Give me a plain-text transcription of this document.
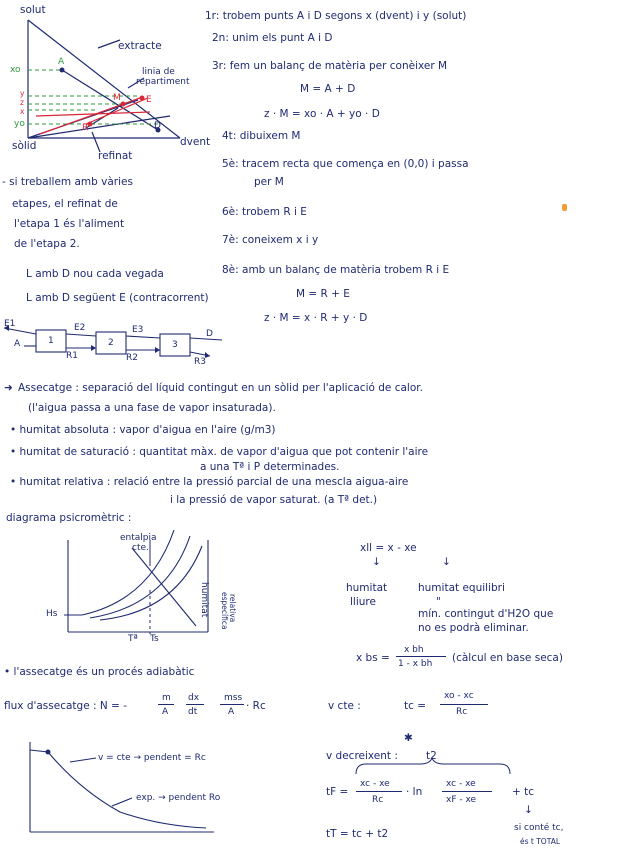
solut
extracte
linia de
repartiment
xo
A
y
z
x
yo
M	E
R	D
sòlid	dvent
refinat
1r: trobem punts A i D segons x (dvent) i y (solut)
2n: unim els punt A i D
3r: fem un balanç de matèria per conèixer M
M = A + D
z · M = xo · A + yo · D
4t: dibuixem M
5è: tracem recta que comença en (0,0) i passa
per M
6è: trobem R i E
7è: coneixem x i y
8è: amb un balanç de matèria trobem R i E
M = R + E
z · M = x · R + y · D
- si treballem amb vàries
etapes, el refinat de
l'etapa 1 és l'aliment
de l'etapa 2.
L amb D nou cada vegada
L amb D següent E (contracorrent)
E1	E2	E3	D
A	1	2	3
R1	R2	R3
➜ Assecatge : separació del líquid contingut en un sòlid per l'aplicació de calor.
(l'aigua passa a una fase de vapor insaturada).
• humitat absoluta : vapor d'aigua en l'aire (g/m3)
• humitat de saturació : quantitat màx. de vapor d'aigua que pot contenir l'aire
a una Tª i P determinades.
• humitat relativa : relació entre la pressió parcial de una mescla aigua-aire
i la pressió de vapor saturat. (a Tª det.)
diagrama psicromètric :
entalpia
cte.
Hs
Tª Ts
humitat	relativa
específica
xll = x - xe
↓	↓
humitat
lliure
humitat equilibri
"
mín. contingut d'H2O que
no es podrà eliminar.
x bs =
x bh
1 - x bh (càlcul en base seca)
• l'assecatge és un procés adiabàtic
flux d'assecatge : N = -
m
A
dx
dt
mss
A · Rc	v cte :	tc =
xo - xc
Rc
v = cte → pendent = Rc
exp. → pendent Ro
✱
v decreixent :	t2
tF =
xc - xe
Rc
· ln
xc - xe
xF - xe
+ tc
↓
tT = tc + t2	si conté tc,
és t TOTAL
